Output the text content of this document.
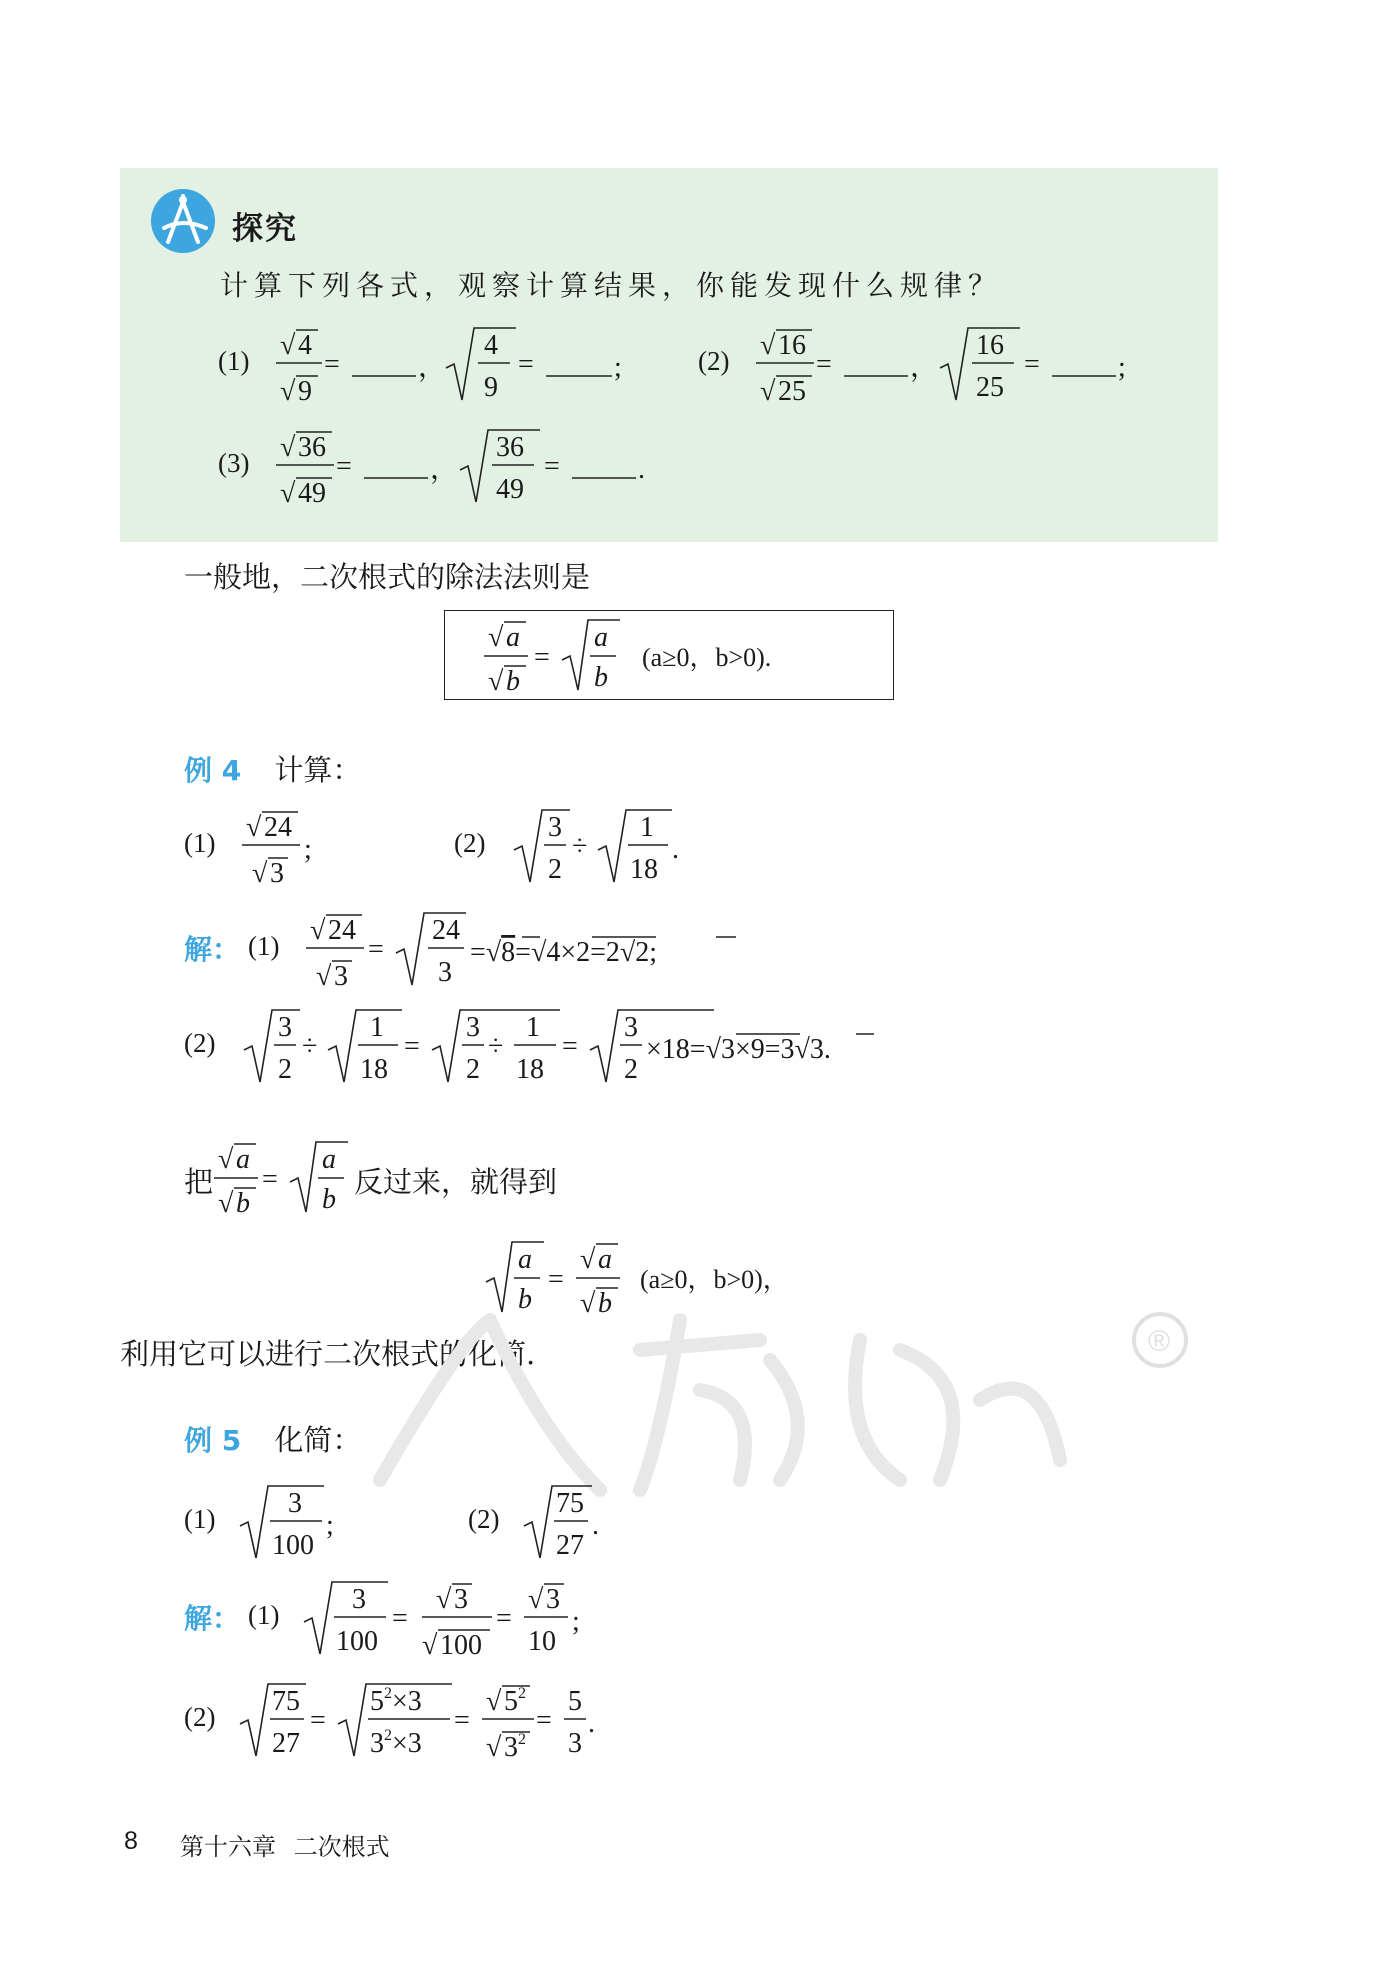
探究
计算下列各式，观察计算结果，你能发现什么规律？
(1) √ 4
√ 9
=	，
4
9
=	;	(2) √ 16
√ 25
=	，
16
25
=	;
(3) √ 36
√ 49
=	，
36
49
=	.
一般地，二次根式的除法法则是
√ a
√ b
=
a
b
(a≥0，b>0).
例 4 计算：
(1) √ 24
√ 3
;	(2) 3
2
÷
1
18
.
解： (1) √ 24
√ 3
=
24
3
=√8=√4×2=2√2;
(2) 3
2
÷
1
18
=
3
2
÷
1
18
=
3
2
×18=√3×9=3√3.
把
√ a
√ b
=
a
b
反过来，就得到
a
b
=
√ a
√ b
(a≥0，b>0)，
利用它可以进行二次根式的化简.	®
例 5 化简：
(1)	3
100
;	(2) 75
27
.
解： (1)	3
100
=
√ 3
√ 100
=
√ 3
10
;
(2) 75
27
=
$5^2\times 3$
$3^2\times 3$
=
√ $5^2$
√ $3^2$
=
5
3
.
8 第十六章 二次根式
